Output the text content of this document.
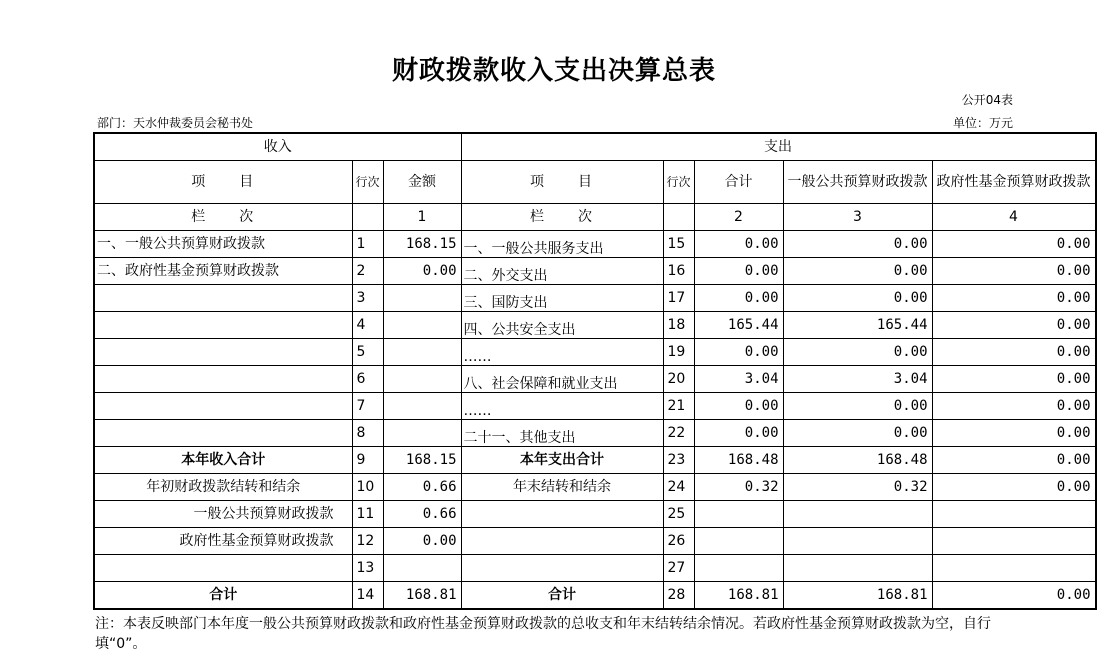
财政拨款收入支出决算总表
公开04表
部门：天水仲裁委员会秘书处	单位：万元
收入			支出				
项　　目	行次	金额	项　　目	行次	合计	一般公共预算财政拨款	政府性基金预算财政拨款
栏　　次		1	栏　　次		2	3	4
一、一般公共预算财政拨款	1	168.15	一、一般公共服务支出	15	0.00	0.00	0.00
二、政府性基金预算财政拨款	2	0.00	二、外交支出	16	0.00	0.00	0.00
	3		三、国防支出	17	0.00	0.00	0.00
	4		四、公共安全支出	18	165.44	165.44	0.00
	5		……	19	0.00	0.00	0.00
	6		八、社会保障和就业支出	20	3.04	3.04	0.00
	7		……	21	0.00	0.00	0.00
	8		二十一、其他支出	22	0.00	0.00	0.00
本年收入合计	9	168.15	本年支出合计	23	168.48	168.48	0.00
年初财政拨款结转和结余	10	0.66	年末结转和结余	24	0.32	0.32	0.00
一般公共预算财政拨款	11	0.66		25			
政府性基金预算财政拨款	12	0.00		26			
	13			27			
合计	14	168.81	合计	28	168.81	168.81	0.00
注：本表反映部门本年度一般公共预算财政拨款和政府性基金预算财政拨款的总收支和年末结转结余情况。若政府性基金预算财政拨款为空，自行填“0”。
